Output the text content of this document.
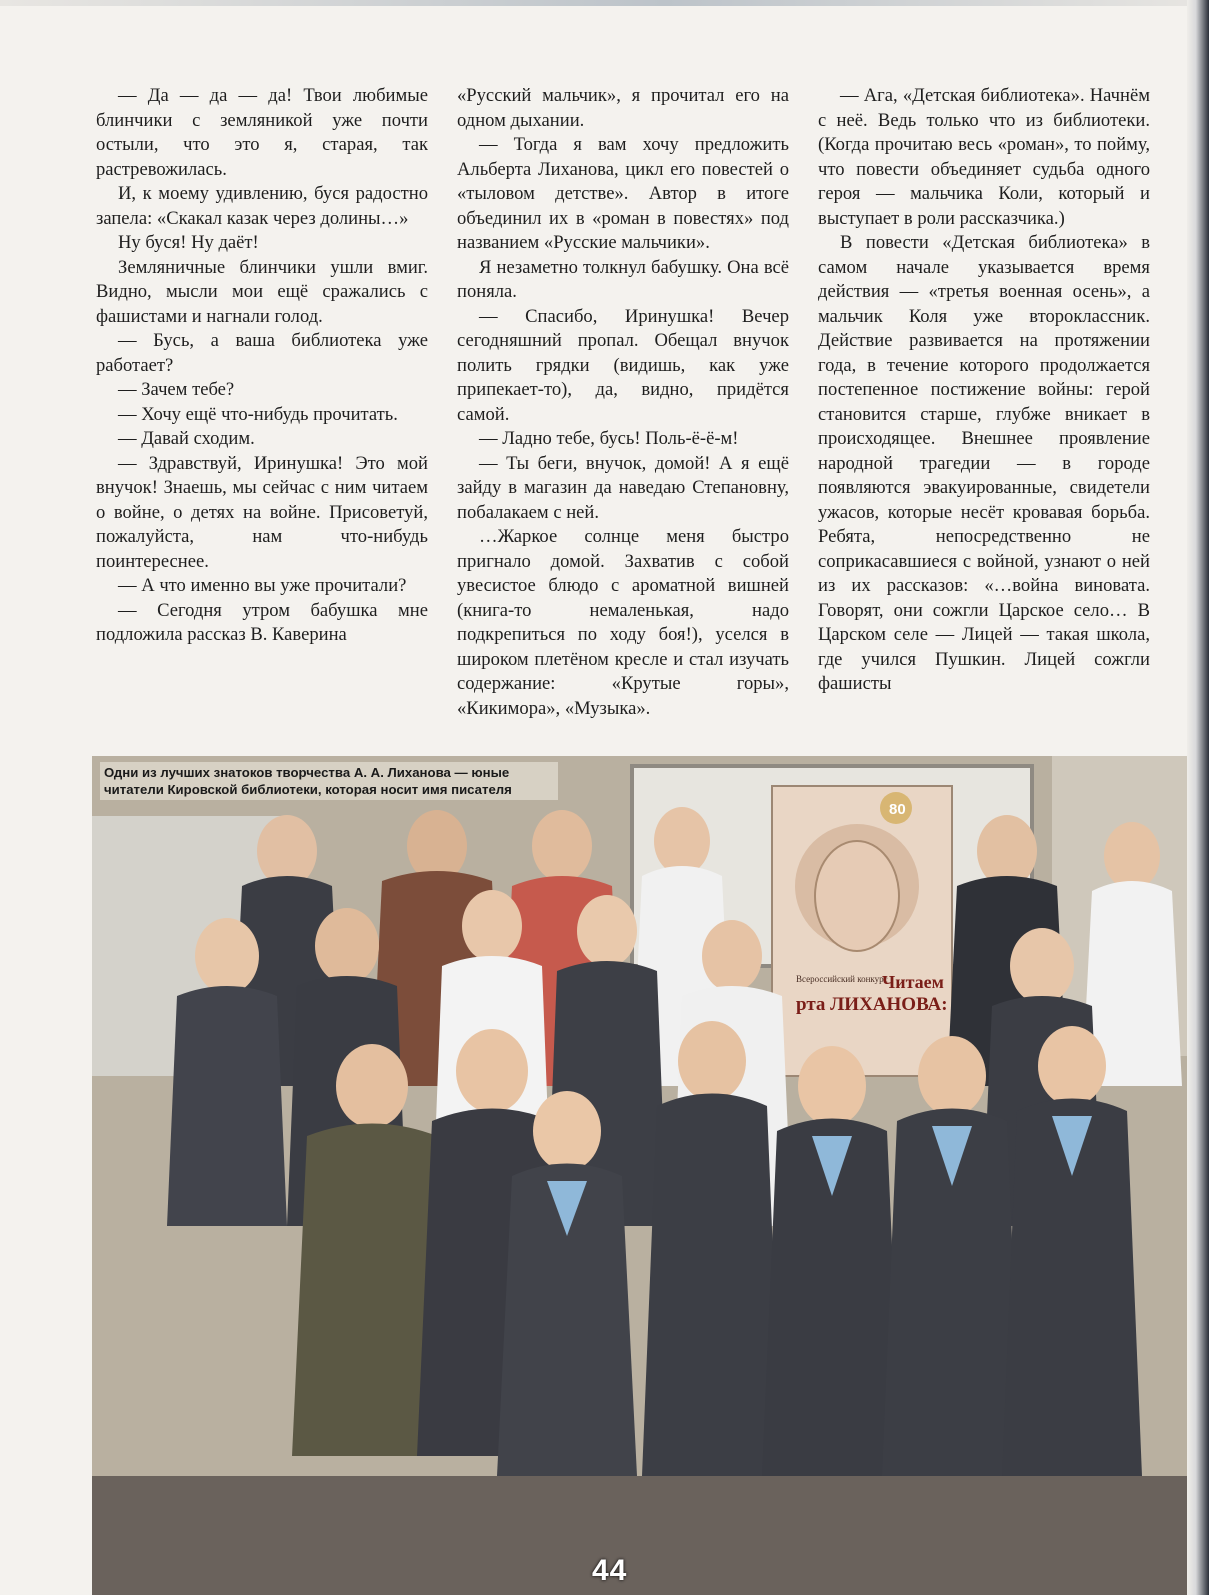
— Да — да — да! Твои любимые блинчики с земляникой уже почти остыли, что это я, старая, так растревожилась.

И, к моему удивлению, буся радостно запела: «Скакал казак через долины…»

Ну буся! Ну даёт!

Земляничные блинчики ушли вмиг. Видно, мысли мои ещё сражались с фашистами и нагнали голод.

— Бусь, а ваша библиотека уже работает?

— Зачем тебе?

— Хочу ещё что-нибудь прочитать.

— Давай сходим.

— Здравствуй, Иринушка! Это мой внучок! Знаешь, мы сейчас с ним читаем о войне, о детях на войне. Присоветуй, пожалуйста, нам что-нибудь поинтереснее.

— А что именно вы уже прочитали?

— Сегодня утром бабушка мне подложила рассказ В. Каверина

«Русский мальчик», я прочитал его на одном дыхании.

— Тогда я вам хочу предложить Альберта Лиханова, цикл его повестей о «тыловом детстве». Автор в итоге объединил их в «роман в повестях» под названием «Русские мальчики».

Я незаметно толкнул бабушку. Она всё поняла.

— Спасибо, Иринушка! Вечер сегодняшний пропал. Обещал внучок полить грядки (видишь, как уже припекает-то), да, видно, придётся самой.

— Ладно тебе, бусь! Поль-ё-ё-м!

— Ты беги, внучок, домой! А я ещё зайду в магазин да наведаю Степановну, побалакаем с ней.

…Жаркое солнце меня быстро пригнало домой. Захватив с собой увесистое блюдо с ароматной вишней (книга-то немаленькая, надо подкрепиться по ходу боя!), уселся в широком плетёном кресле и стал изучать содержание: «Крутые горы», «Кикимора», «Музыка».

— Ага, «Детская библиотека». Начнём с неё. Ведь только что из библиотеки. (Когда прочитаю весь «роман», то пойму, что повести объединяет судьба одного героя — мальчика Коли, который и выступает в роли рассказчика.)

В повести «Детская библиотека» в самом начале указывается время действия — «третья военная осень», а мальчик Коля уже второклассник. Действие развивается на протяжении года, в течение которого продолжается постепенное постижение войны: герой становится старше, глубже вникает в происходящее. Внешнее проявление народной трагедии — в городе появляются эвакуированные, свидетели ужасов, которые несёт кровавая борьба. Ребята, непосредственно не соприкасавшиеся с войной, узнают о ней из их рассказов: «…война виновата. Говорят, они сожгли Царское село… В Царском селе — Лицей — такая школа, где учился Пушкин. Лицей сожгли фашисты

80
Всероссийский конкурс
Читаем
рта ЛИХАНОВА:
Одни из лучших знатоков творчества А. А. Лиханова — юные читатели Кировской библиотеки, которая носит имя писателя
44
